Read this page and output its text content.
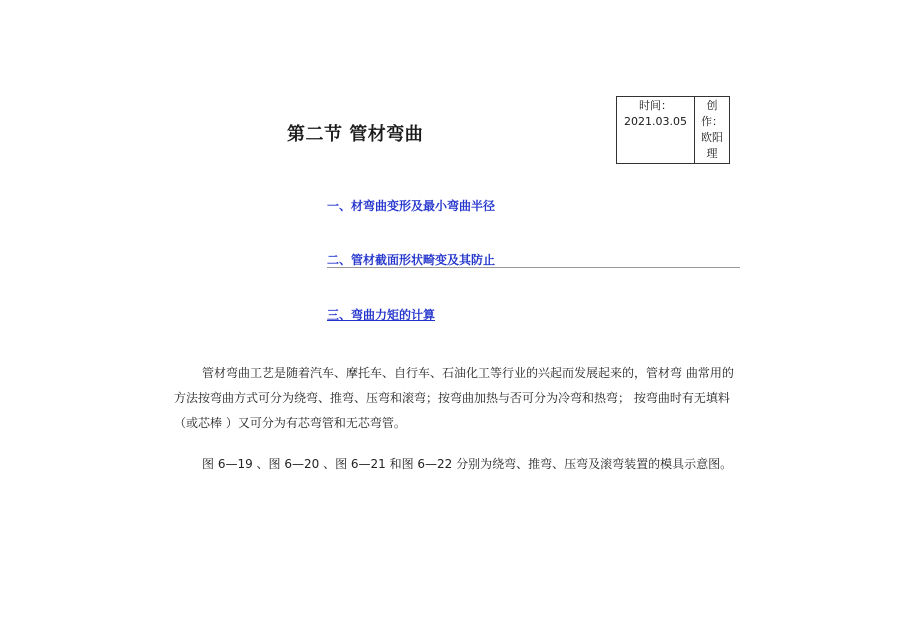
第二节 管材弯曲
时间：
2021.03.05
创作：欧阳理
一、材弯曲变形及最小弯曲半径
二、管材截面形状畸变及其防止
三、弯曲力矩的计算

管材弯曲工艺是随着汽车、摩托车、自行车、石油化工等行业的兴起而发展起来的，管材弯 曲常用的方法按弯曲方式可分为绕弯、推弯、压弯和滚弯；按弯曲加热与否可分为冷弯和热弯； 按弯曲时有无填料 （或芯棒 ）又可分为有芯弯管和无芯弯管。

图 6—19 、图 6—20 、图 6—21 和图 6—22 分别为绕弯、推弯、压弯及滚弯装置的模具示意图。
